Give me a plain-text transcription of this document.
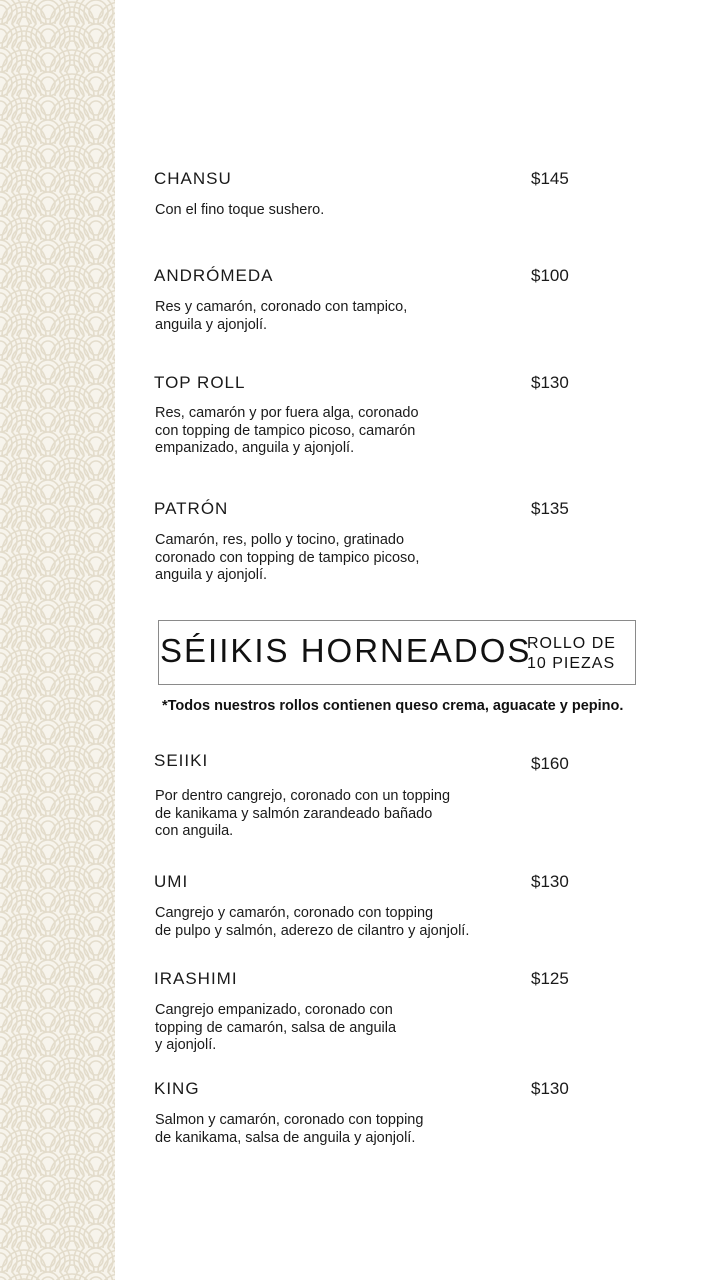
CHANSU	$145
Con el fino toque sushero.
ANDRÓMEDA	$100
Res y camarón, coronado con tampico,
anguila y ajonjolí.
TOP ROLL	$130
Res, camarón y por fuera alga, coronado
con topping de tampico picoso, camarón
empanizado, anguila y ajonjolí.
PATRÓN	$135
Camarón, res, pollo y tocino, gratinado
coronado con topping de tampico picoso,
anguila y ajonjolí.
SÉIIKIS HORNEADOS
ROLLO DE
10 PIEZAS
*Todos nuestros rollos contienen queso crema, aguacate y pepino.
SEIIKI	$160
Por dentro cangrejo, coronado con un topping
de kanikama y salmón zarandeado bañado
con anguila.
UMI	$130
Cangrejo y camarón, coronado con topping
de pulpo y salmón, aderezo de cilantro y ajonjolí.
IRASHIMI	$125
Cangrejo empanizado, coronado con
topping de camarón, salsa de anguila
y ajonjolí.
KING	$130
Salmon y camarón, coronado con topping
de kanikama, salsa de anguila y ajonjolí.
